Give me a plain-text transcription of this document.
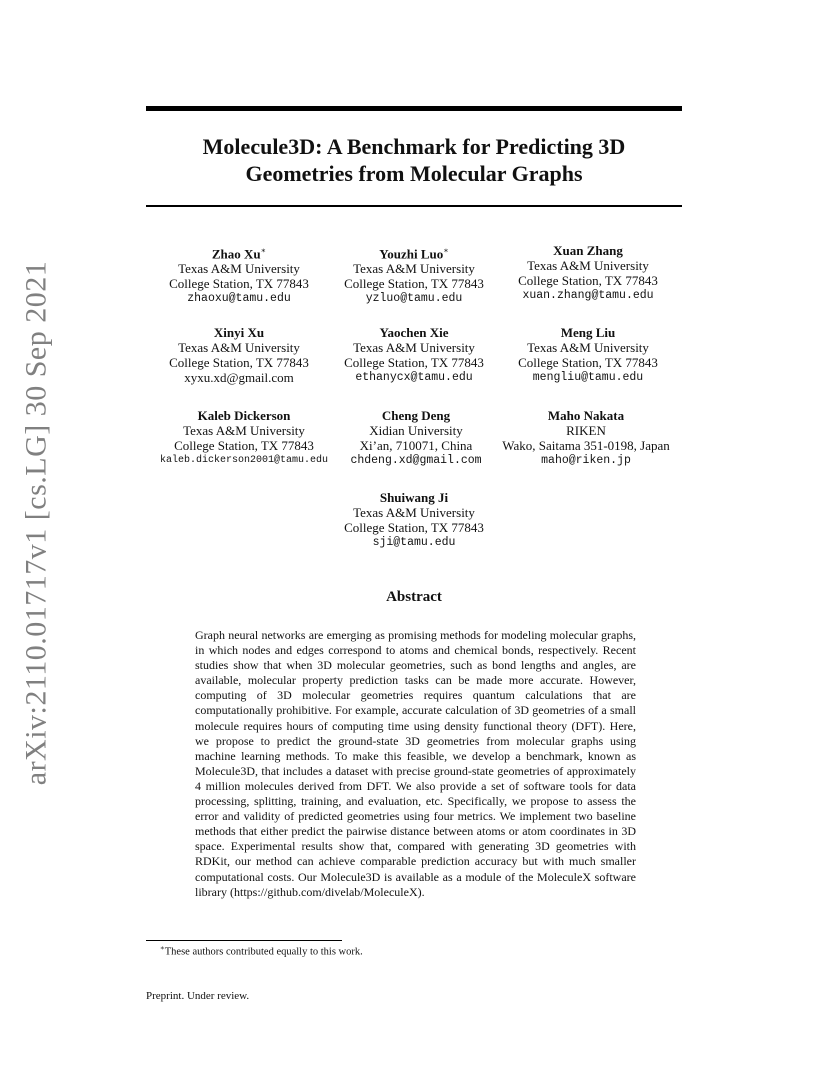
arXiv:2110.01717v1 [cs.LG] 30 Sep 2021
Molecule3D: A Benchmark for Predicting 3D
Geometries from Molecular Graphs
Zhao Xu∗
Texas A&M University
College Station, TX 77843
zhaoxu@tamu.edu
Youzhi Luo∗
Texas A&M University
College Station, TX 77843
yzluo@tamu.edu
Xuan Zhang
Texas A&M University
College Station, TX 77843
xuan.zhang@tamu.edu
Xinyi Xu
Texas A&M University
College Station, TX 77843
xyxu.xd@gmail.com
Yaochen Xie
Texas A&M University
College Station, TX 77843
ethanycx@tamu.edu
Meng Liu
Texas A&M University
College Station, TX 77843
mengliu@tamu.edu
Kaleb Dickerson
Texas A&M University
College Station, TX 77843
kaleb.dickerson2001@tamu.edu
Cheng Deng
Xidian University
Xi’an, 710071, China
chdeng.xd@gmail.com
Maho Nakata
RIKEN
Wako, Saitama 351-0198, Japan
maho@riken.jp
Shuiwang Ji
Texas A&M University
College Station, TX 77843
sji@tamu.edu
Abstract

Graph neural networks are emerging as promising methods for modeling molecular graphs, in which nodes and edges correspond to atoms and chemical bonds, respectively. Recent studies show that when 3D molecular geometries, such as bond lengths and angles, are available, molecular property prediction tasks can be made more accurate. However, computing of 3D molecular geometries requires quantum calculations that are computationally prohibitive. For example, accurate calculation of 3D geometries of a small molecule requires hours of computing time using density functional theory (DFT). Here, we propose to predict the ground-state 3D geometries from molecular graphs using machine learning methods. To make this feasible, we develop a benchmark, known as Molecule3D, that includes a dataset with precise ground-state geometries of approximately 4 million molecules derived from DFT. We also provide a set of software tools for data processing, splitting, training, and evaluation, etc. Specifically, we propose to assess the error and validity of predicted geometries using four metrics. We implement two baseline methods that either predict the pairwise distance between atoms or atom coordinates in 3D space. Experimental results show that, compared with generating 3D geometries with RDKit, our method can achieve comparable prediction accuracy but with much smaller computational costs. Our Molecule3D is available as a module of the MoleculeX software library (https://github.com/divelab/MoleculeX).

∗These authors contributed equally to this work.
Preprint. Under review.
